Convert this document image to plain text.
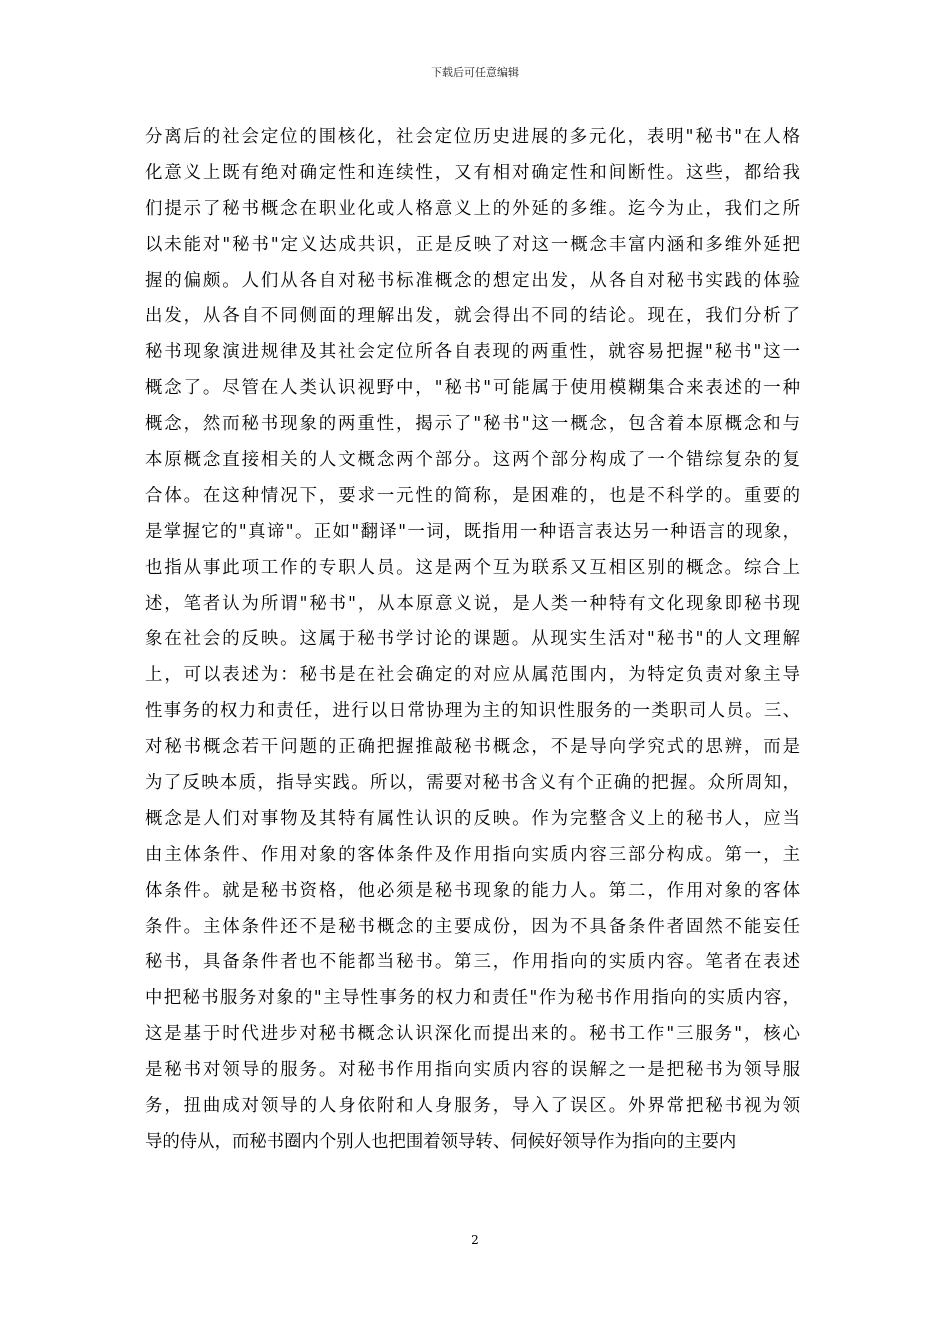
下载后可任意编辑
分离后的社会定位的围核化，社会定位历史进展的多元化，表明"秘书"在人格
化意义上既有绝对确定性和连续性，又有相对确定性和间断性。这些，都给我
们提示了秘书概念在职业化或人格意义上的外延的多维。迄今为止，我们之所
以未能对"秘书"定义达成共识，正是反映了对这一概念丰富内涵和多维外延把
握的偏颇。人们从各自对秘书标准概念的想定出发，从各自对秘书实践的体验
出发，从各自不同侧面的理解出发，就会得出不同的结论。现在，我们分析了
秘书现象演进规律及其社会定位所各自表现的两重性，就容易把握"秘书"这一
概念了。尽管在人类认识视野中，"秘书"可能属于使用模糊集合来表述的一种
概念，然而秘书现象的两重性，揭示了"秘书"这一概念，包含着本原概念和与
本原概念直接相关的人文概念两个部分。这两个部分构成了一个错综复杂的复
合体。在这种情况下，要求一元性的简称，是困难的，也是不科学的。重要的
是掌握它的"真谛"。正如"翻译"一词，既指用一种语言表达另一种语言的现象，
也指从事此项工作的专职人员。这是两个互为联系又互相区别的概念。综合上
述，笔者认为所谓"秘书"，从本原意义说，是人类一种特有文化现象即秘书现
象在社会的反映。这属于秘书学讨论的课题。从现实生活对"秘书"的人文理解
上，可以表述为：秘书是在社会确定的对应从属范围内，为特定负责对象主导
性事务的权力和责任，进行以日常协理为主的知识性服务的一类职司人员。三、
对秘书概念若干问题的正确把握推敲秘书概念，不是导向学究式的思辨，而是
为了反映本质，指导实践。所以，需要对秘书含义有个正确的把握。众所周知，
概念是人们对事物及其特有属性认识的反映。作为完整含义上的秘书人，应当
由主体条件、作用对象的客体条件及作用指向实质内容三部分构成。第一，主
体条件。就是秘书资格，他必须是秘书现象的能力人。第二，作用对象的客体
条件。主体条件还不是秘书概念的主要成份，因为不具备条件者固然不能妄任
秘书，具备条件者也不能都当秘书。第三，作用指向的实质内容。笔者在表述
中把秘书服务对象的"主导性事务的权力和责任"作为秘书作用指向的实质内容，
这是基于时代进步对秘书概念认识深化而提出来的。秘书工作"三服务"，核心
是秘书对领导的服务。对秘书作用指向实质内容的误解之一是把秘书为领导服
务，扭曲成对领导的人身依附和人身服务，导入了误区。外界常把秘书视为领
导的侍从，而秘书圈内个别人也把围着领导转、伺候好领导作为指向的主要内
2
